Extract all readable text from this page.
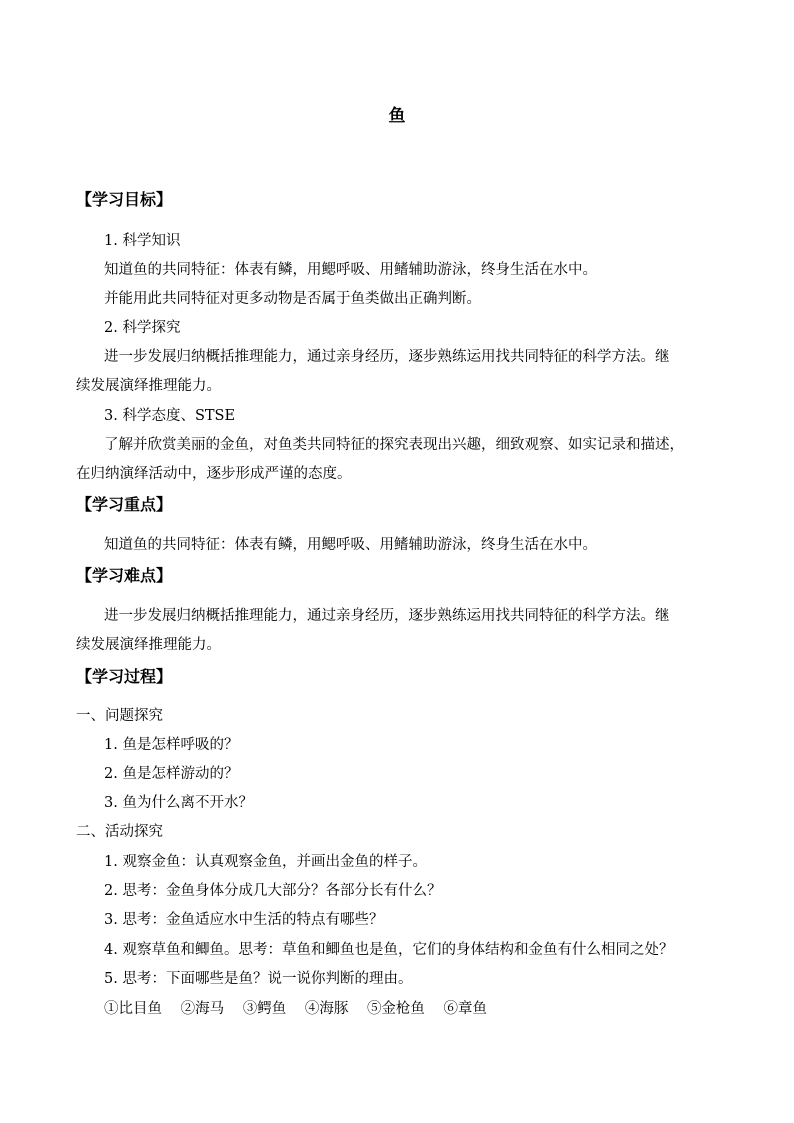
鱼
【学习目标】
1. 科学知识
知道鱼的共同特征：体表有鳞，用鳃呼吸、用鳍辅助游泳，终身生活在水中。
并能用此共同特征对更多动物是否属于鱼类做出正确判断。
2. 科学探究
进一步发展归纳概括推理能力，通过亲身经历，逐步熟练运用找共同特征的科学方法。继
续发展演绎推理能力。
3. 科学态度、STSE
了解并欣赏美丽的金鱼，对鱼类共同特征的探究表现出兴趣，细致观察、如实记录和描述，
在归纳演绎活动中，逐步形成严谨的态度。
【学习重点】
知道鱼的共同特征：体表有鳞，用鳃呼吸、用鳍辅助游泳，终身生活在水中。
【学习难点】
进一步发展归纳概括推理能力，通过亲身经历，逐步熟练运用找共同特征的科学方法。继
续发展演绎推理能力。
【学习过程】
一、问题探究
1. 鱼是怎样呼吸的？
2. 鱼是怎样游动的？
3. 鱼为什么离不开水？
二、活动探究
1. 观察金鱼：认真观察金鱼，并画出金鱼的样子。
2. 思考：金鱼身体分成几大部分？各部分长有什么？
3. 思考：金鱼适应水中生活的特点有哪些？
4. 观察草鱼和鲫鱼。思考：草鱼和鲫鱼也是鱼，它们的身体结构和金鱼有什么相同之处？
5. 思考：下面哪些是鱼？说一说你判断的理由。
①比目鱼 ②海马 ③鳄鱼 ④海豚 ⑤金枪鱼 ⑥章鱼
